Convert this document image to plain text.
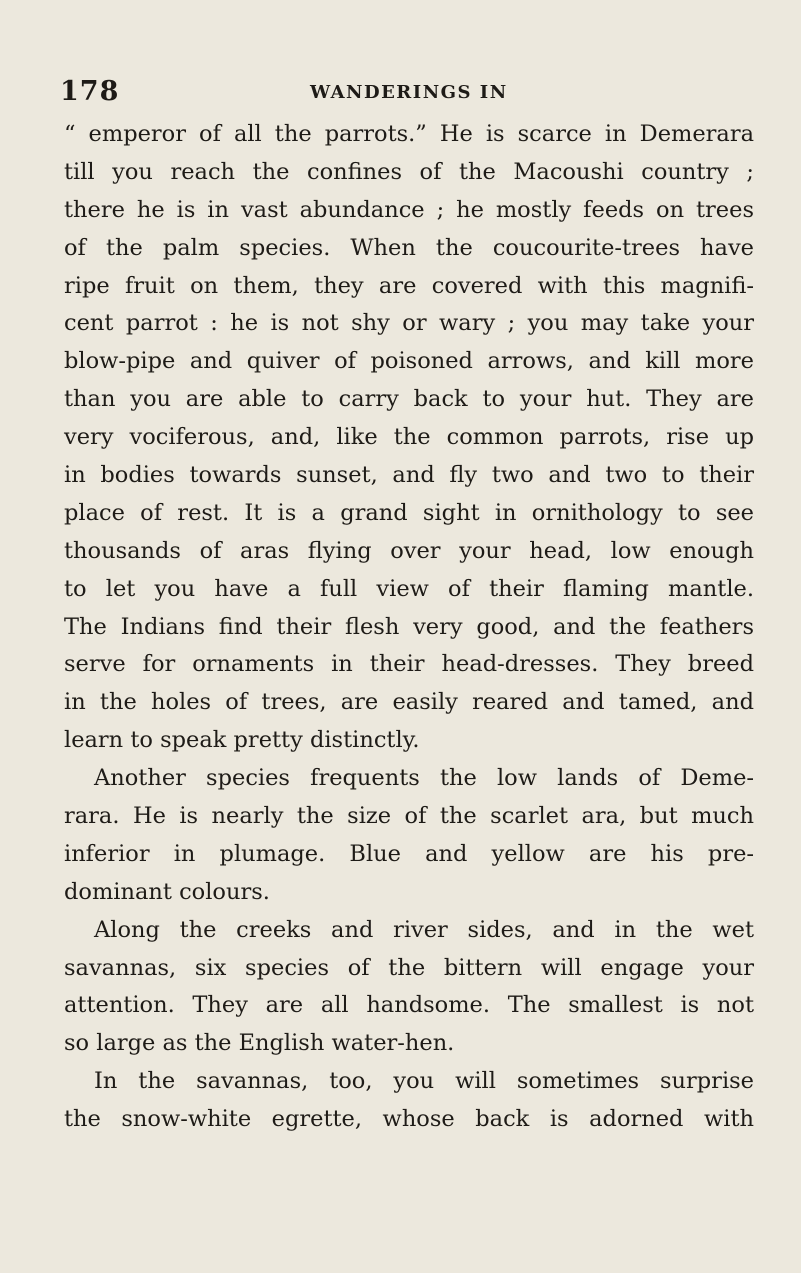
178	WANDERINGS IN
“ emperor of all the parrots.” He is scarce in Demerara
till you reach the confines of the Macoushi country ;
there he is in vast abundance ; he mostly feeds on trees
of the palm species. When the coucourite-trees have
ripe fruit on them, they are covered with this magnifi-
cent parrot : he is not shy or wary ; you may take your
blow-pipe and quiver of poisoned arrows, and kill more
than you are able to carry back to your hut. They are
very vociferous, and, like the common parrots, rise up
in bodies towards sunset, and fly two and two to their
place of rest. It is a grand sight in ornithology to see
thousands of aras flying over your head, low enough
to let you have a full view of their flaming mantle.
The Indians find their flesh very good, and the feathers
serve for ornaments in their head-dresses. They breed
in the holes of trees, are easily reared and tamed, and
learn to speak pretty distinctly.
Another species frequents the low lands of Deme-
rara. He is nearly the size of the scarlet ara, but much
inferior in plumage. Blue and yellow are his pre-
dominant colours.
Along the creeks and river sides, and in the wet
savannas, six species of the bittern will engage your
attention. They are all handsome. The smallest is not
so large as the English water-hen.
In the savannas, too, you will sometimes surprise
the snow-white egrette, whose back is adorned with
